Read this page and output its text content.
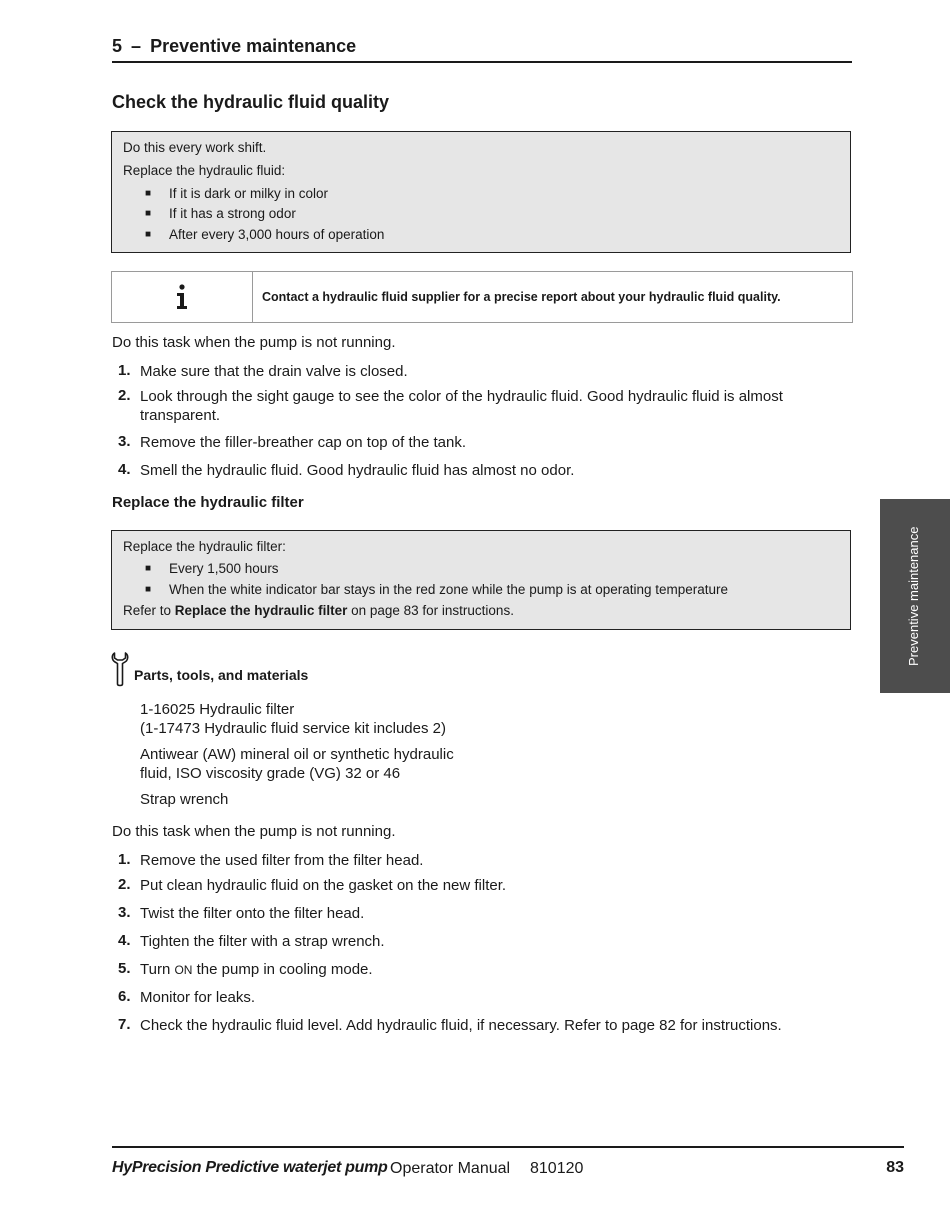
5 – Preventive maintenance
Check the hydraulic fluid quality
Do this every work shift.
Replace the hydraulic fluid:
■ If it is dark or milky in color
■ If it has a strong odor
■ After every 3,000 hours of operation
Contact a hydraulic fluid supplier for a precise report about your hydraulic fluid quality.
Do this task when the pump is not running.
1. Make sure that the drain valve is closed.
2. Look through the sight gauge to see the color of the hydraulic fluid. Good hydraulic fluid is almost transparent.
3. Remove the filler-breather cap on top of the tank.
4. Smell the hydraulic fluid. Good hydraulic fluid has almost no odor.
Replace the hydraulic filter
Replace the hydraulic filter:
■ Every 1,500 hours
■ When the white indicator bar stays in the red zone while the pump is at operating temperature
Refer to Replace the hydraulic filter on page 83 for instructions.
Parts, tools, and materials
1-16025 Hydraulic filter
(1-17473 Hydraulic fluid service kit includes 2)
Antiwear (AW) mineral oil or synthetic hydraulic
fluid, ISO viscosity grade (VG) 32 or 46
Strap wrench
Do this task when the pump is not running.
1. Remove the used filter from the filter head.
2. Put clean hydraulic fluid on the gasket on the new filter.
3. Twist the filter onto the filter head.
4. Tighten the filter with a strap wrench.
5. Turn ON the pump in cooling mode.
6. Monitor for leaks.
7. Check the hydraulic fluid level. Add hydraulic fluid, if necessary. Refer to page 82 for instructions.
Preventive maintenance
HyPrecision Predictive waterjet pump Operator Manual 810120	83
